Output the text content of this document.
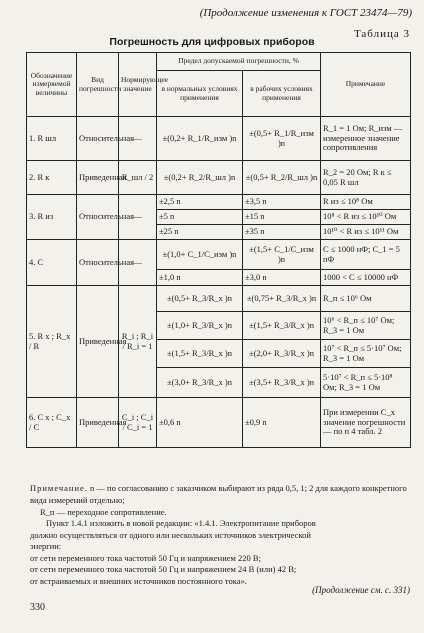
(Продолжение изменения к ГОСТ 23474—79)
Таблица 3
Погрешность для цифровых приборов
Обозначение измеряемой величины	Вид погрешности	Нормирующее значение	Предел допускаемой погрешности, %		Примечание
			в нормальных условиях применения	в рабочих условиях применения	
1. R шл	Относительная	—	±(0,2+ R_1/R_изм )n	±(0,5+ R_1/R_изм )n	R_1 = 1 Ом; R_изм — измеренное значение сопротивления
2. R к	Приведенная	R_шл / 2	±(0,2+ R_2/R_шл )n	±(0,5+ R_2/R_шл )n	R_2 = 20 Ом; R к ≤ 0,05 R шл
3. R из	Относительная	—	±2,5 n	±3,5 n	R из ≤ 10⁸ Ом
			±5 n	±15 n	10⁸ < R из ≤ 10¹⁰ Ом
			±25 n	±35 n	10¹⁰ < R из ≤ 10¹¹ Ом
4. C	Относительная	—	±(1,0+ C_1/C_изм )n	±(1,5+ C_1/C_изм )n	C ≤ 1000 нФ; C_1 = 5 пФ
			±1,0 n	±3,0 n	1000 < C ≤ 10000 нФ
5. R x ; R_x / R	Приведенная	R_i ; R_i / R_i = 1	±(0,5+ R_3/R_x )n	±(0,75+ R_3/R_x )n	R_п ≤ 10⁶ Ом
			±(1,0+ R_3/R_x )n	±(1,5+ R_3/R_x )n	10⁶ < R_п ≤ 10⁷ Ом; R_3 = 1 Ом
			±(1,5+ R_3/R_x )n	±(2,0+ R_3/R_x )n	10⁷ < R_п ≤ 5·10⁷ Ом; R_3 = 1 Ом
			±(3,0+ R_3/R_x )n	±(3,5+ R_3/R_x )n	5·10⁷ < R_п ≤ 5·10⁸ Ом; R_3 = 1 Ом
6. C x ; C_x / C	Приведенная	C_i ; C_i / C_i = 1	±0,6 n	±0,9 n	При измерении C_x значение погрешности — по п 4 табл. 2
Примечание. n — по согласованию с заказчиком выбирают из ряда 0,5, 1; 2 для каждого конкретного вида измерений отдельно;
R_п — переходное сопротивление.
Пункт 1.4.1 изложить в новой редакции: «1.4.1. Электропитание приборов
должно осуществляться от одного или нескольких источников электрической
энергии:
от сети переменного тока частотой 50 Гц и напряжением 220 В;
от сети переменного тока частотой 50 Гц и напряжением 24 В (или) 42 В;
от встраиваемых и внешних источников постоянного тока».
(Продолжение см. с. 331)
330
